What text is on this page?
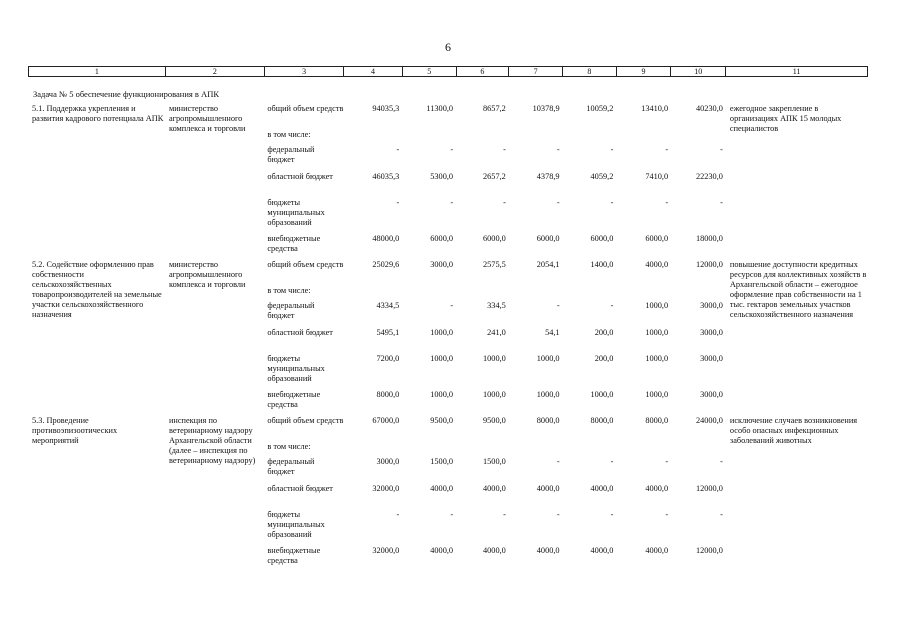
6
1	2	3	4	5	6	7	8	9	10	11
Задача № 5 обеспечение функционирования в АПК
5.1. Поддержка укрепления и развития кадрового потенциала АПК	министерство агропромышленного комплекса и торговли	общий объем средств	94035,3	11300,0	8657,2	10378,9	10059,2	13410,0	40230,0	ежегодное закрепление в организациях АПК 15 молодых специалистов
		в том числе:								
		федеральный бюджет	-	-	-	-	-	-	-	
		областной бюджет	46035,3	5300,0	2657,2	4378,9	4059,2	7410,0	22230,0	
		бюджеты муниципальных образований	-	-	-	-	-	-	-	
		внебюджетные средства	48000,0	6000,0	6000,0	6000,0	6000,0	6000,0	18000,0	
5.2. Содействие оформлению прав собственности сельскохозяйственных товаропроизводителей на земельные участки сельскохозяйственного назначения	министерство агропромышленного комплекса и торговли	общий объем средств	25029,6	3000,0	2575,5	2054,1	1400,0	4000,0	12000,0	повышение доступности кредитных ресурсов для коллективных хозяйств в Архангельской области – ежегодное оформление прав собственности на 1 тыс. гектаров земельных участков сельскохозяйственного назначения
		в том числе:								
		федеральный бюджет	4334,5	-	334,5	-	-	1000,0	3000,0	
		областной бюджет	5495,1	1000,0	241,0	54,1	200,0	1000,0	3000,0	
		бюджеты муниципальных образований	7200,0	1000,0	1000,0	1000,0	200,0	1000,0	3000,0	
		внебюджетные средства	8000,0	1000,0	1000,0	1000,0	1000,0	1000,0	3000,0	
5.3. Проведение противоэпизоотических мероприятий	инспекция по ветеринарному надзору Архангельской области (далее – инспекция по ветеринарному надзору)	общий объем средств	67000,0	9500,0	9500,0	8000,0	8000,0	8000,0	24000,0	исключение случаев возникновения особо опасных инфекционных заболеваний животных
		в том числе:								
		федеральный бюджет	3000,0	1500,0	1500,0	-	-	-	-	
		областной бюджет	32000,0	4000,0	4000,0	4000,0	4000,0	4000,0	12000,0	
		бюджеты муниципальных образований	-	-	-	-	-	-	-	
		внебюджетные средства	32000,0	4000,0	4000,0	4000,0	4000,0	4000,0	12000,0	
